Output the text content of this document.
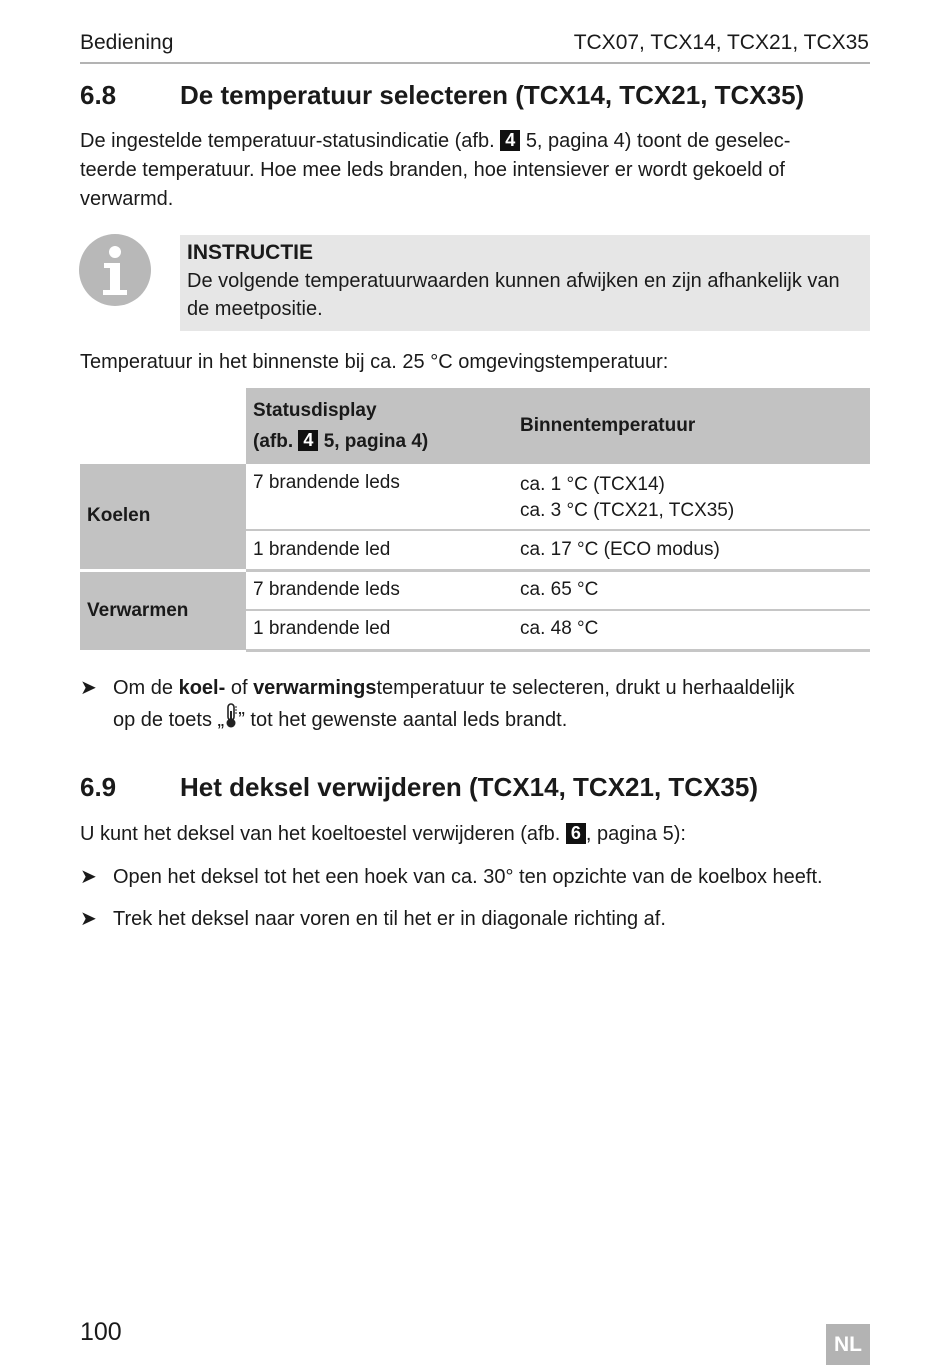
Bediening	TCX07, TCX14, TCX21, TCX35
6.8 De temperatuur selecteren (TCX14, TCX21, TCX35)
De ingestelde temperatuur-statusindicatie (afb. 4 5, pagina 4) toont de geselec-
teerde temperatuur. Hoe mee leds branden, hoe intensiever er wordt gekoeld of
verwarmd.
INSTRUCTIE
De volgende temperatuurwaarden kunnen afwijken en zijn afhankelijk van de meetpositie.
Temperatuur in het binnenste bij ca. 25 °C omgevingstemperatuur:
	Statusdisplay
(afb. 4 5, pagina 4)	Binnentemperatuur
Koelen	7 brandende leds	ca. 1 °C (TCX14)
ca. 3 °C (TCX21, TCX35)
	1 brandende led	ca. 17 °C (ECO modus)
Verwarmen	7 brandende leds	ca. 65 °C
	1 brandende led	ca. 48 °C
➤ Om de koel- of verwarmingstemperatuur te selecteren, drukt u herhaaldelijk
op de toets „ ” tot het gewenste aantal leds brandt.
6.9 Het deksel verwijderen (TCX14, TCX21, TCX35)
U kunt het deksel van het koeltoestel verwijderen (afb. 6 , pagina 5):
➤ Open het deksel tot het een hoek van ca. 30° ten opzichte van de koelbox heeft.
➤ Trek het deksel naar voren en til het er in diagonale richting af.
100	NL
